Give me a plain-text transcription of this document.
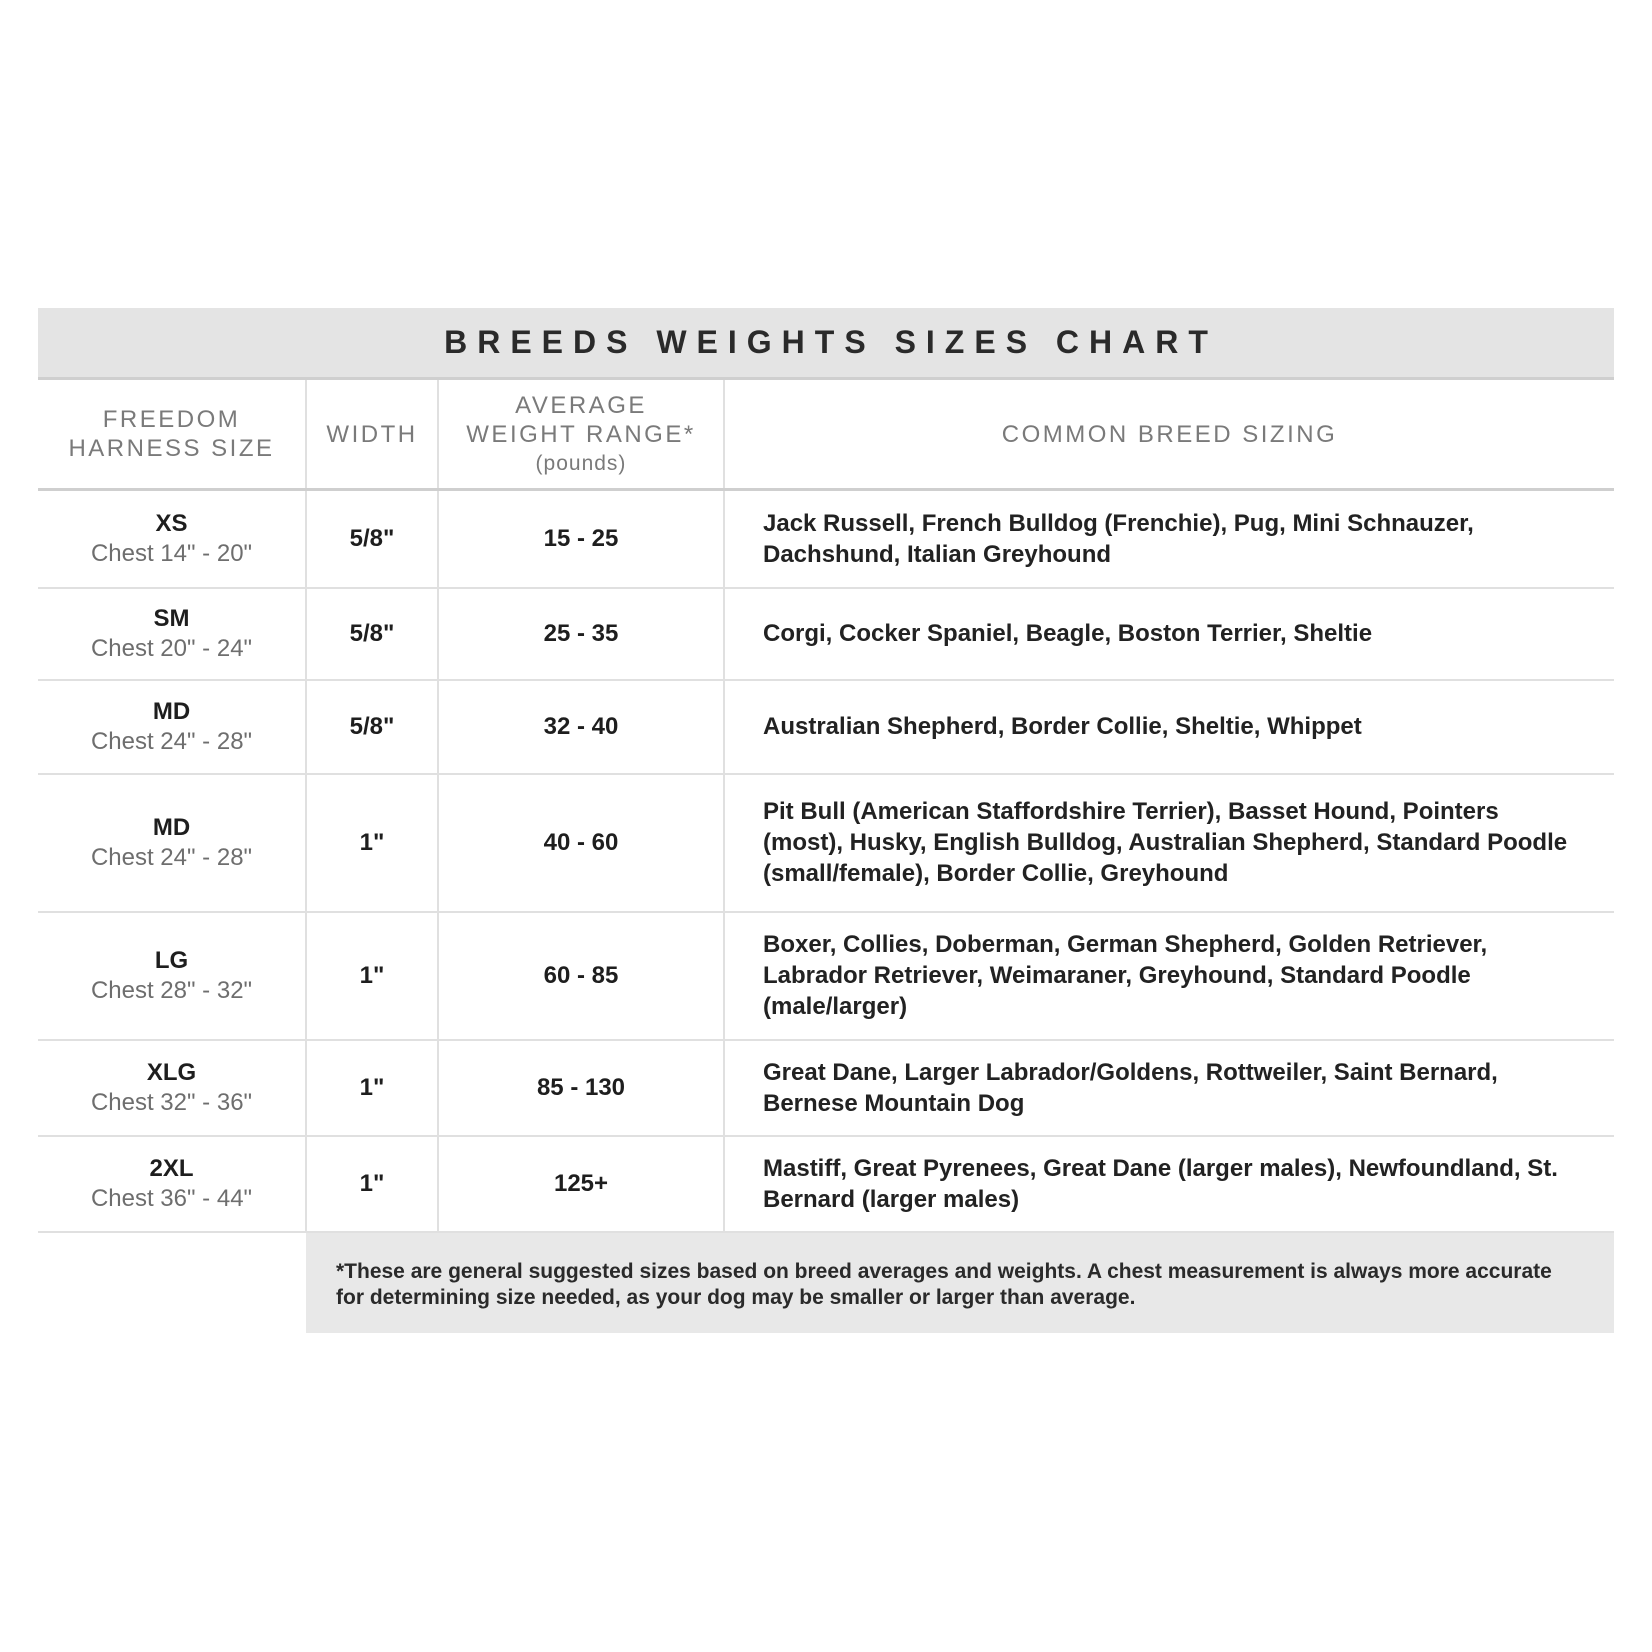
BREEDS WEIGHTS SIZES CHART
FREEDOM
HARNESS SIZE	WIDTH	AVERAGE
WEIGHT RANGE*
(pounds)	COMMON BREED SIZING

XS
Chest 14" - 20"	5/8"	15 - 25	Jack Russell, French Bulldog (Frenchie), Pug, Mini Schnauzer, Dachshund, Italian Greyhound

SM
Chest 20" - 24"	5/8"	25 - 35	Corgi, Cocker Spaniel, Beagle, Boston Terrier, Sheltie

MD
Chest 24" - 28"	5/8"	32 - 40	Australian Shepherd, Border Collie, Sheltie, Whippet

MD
Chest 24" - 28"	1"	40 - 60	Pit Bull (American Staffordshire Terrier), Basset Hound, Pointers (most), Husky, English Bulldog, Australian Shepherd, Standard Poodle (small/female), Border Collie, Greyhound

LG
Chest 28" - 32"	1"	60 - 85	Boxer, Collies, Doberman, German Shepherd, Golden Retriever, Labrador Retriever, Weimaraner, Greyhound, Standard Poodle (male/larger)

XLG
Chest 32" - 36"	1"	85 - 130	Great Dane, Larger Labrador/Goldens, Rottweiler, Saint Bernard, Bernese Mountain Dog

2XL
Chest 36" - 44"	1"	125+	Mastiff, Great Pyrenees, Great Dane (larger males), Newfoundland, St. Bernard (larger males)
*These are general suggested sizes based on breed averages and weights. A chest measurement is always more accurate for determining size needed, as your dog may be smaller or larger than average.
